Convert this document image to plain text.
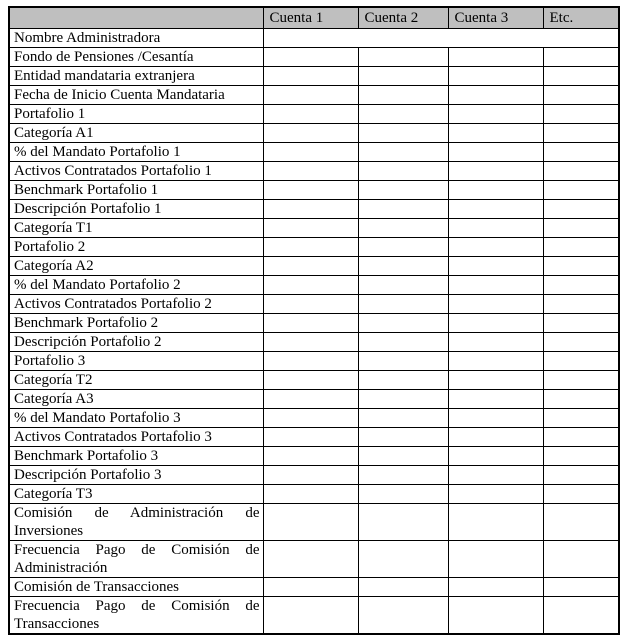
	Cuenta 1	Cuenta 2	Cuenta 3	Etc.
Nombre Administradora				
Fondo de Pensiones /Cesantía				
Entidad mandataria extranjera				
Fecha de Inicio Cuenta Mandataria				
Portafolio 1				
Categoría A1				
% del Mandato Portafolio 1				
Activos Contratados Portafolio 1				
Benchmark Portafolio 1				
Descripción Portafolio 1				
Categoría T1				
Portafolio 2				
Categoría A2				
% del Mandato Portafolio 2				
Activos Contratados Portafolio 2				
Benchmark Portafolio 2				
Descripción Portafolio 2				
Portafolio 3				
Categoría T2				
Categoría A3				
% del Mandato Portafolio 3				
Activos Contratados Portafolio 3				
Benchmark Portafolio 3				
Descripción Portafolio 3				
Categoría T3				
Comisión de Administración de Inversiones				
Frecuencia Pago de Comisión de Administración				
Comisión de Transacciones				
Frecuencia Pago de Comisión de Transacciones				
